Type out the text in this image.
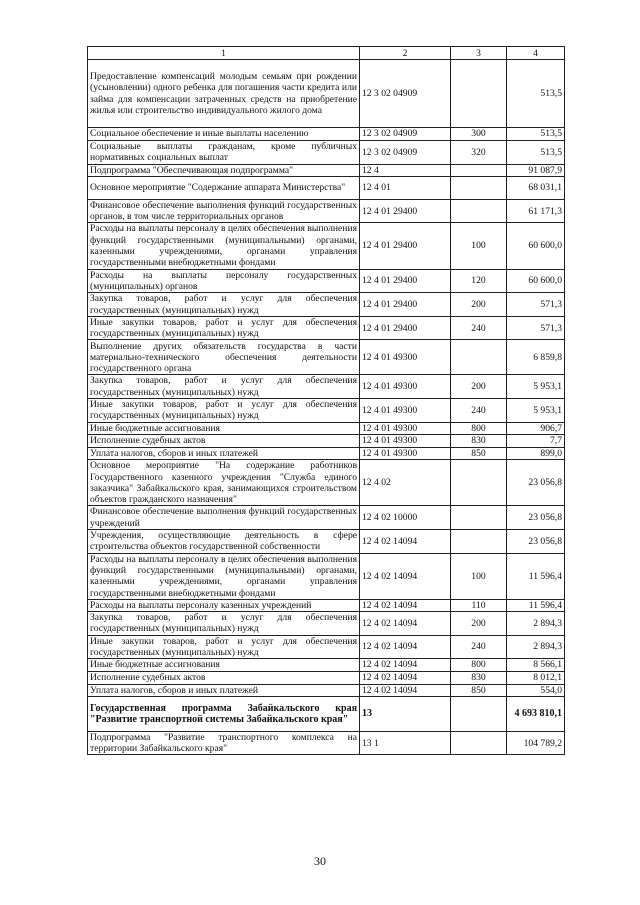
1	2	3	4
Предоставление компенсаций молодым семьям при рождении (усыновлении) одного ребенка для погашения части кредита или займа для компенсации затраченных средств на приобретение жилья или строительство индивидуального жилого дома	12 3 02 04909		513,5
Социальное обеспечение и иные выплаты населению	12 3 02 04909	300	513,5
Социальные выплаты гражданам, кроме публичных нормативных социальных выплат	12 3 02 04909	320	513,5
Подпрограмма "Обеспечивающая подпрограмма"	12 4		91 087,9
Основное мероприятие "Содержание аппарата Министерства"	12 4 01		68 031,1
Финансовое обеспечение выполнения функций государственных органов, в том числе территориальных органов	12 4 01 29400		61 171,3
Расходы на выплаты персоналу в целях обеспечения выполнения функций государственными (муниципальными) органами, казенными учреждениями, органами управления государственными внебюджетными фондами	12 4 01 29400	100	60 600,0
Расходы на выплаты персоналу государственных (муниципальных) органов	12 4 01 29400	120	60 600,0
Закупка товаров, работ и услуг для обеспечения государственных (муниципальных) нужд	12 4 01 29400	200	571,3
Иные закупки товаров, работ и услуг для обеспечения государственных (муниципальных) нужд	12 4 01 29400	240	571,3
Выполнение других обязательств государства в части материально-технического обеспечения деятельности государственного органа	12 4 01 49300		6 859,8
Закупка товаров, работ и услуг для обеспечения государственных (муниципальных) нужд	12 4 01 49300	200	5 953,1
Иные закупки товаров, работ и услуг для обеспечения государственных (муниципальных) нужд	12 4 01 49300	240	5 953,1
Иные бюджетные ассигнования	12 4 01 49300	800	906,7
Исполнение судебных актов	12 4 01 49300	830	7,7
Уплата налогов, сборов и иных платежей	12 4 01 49300	850	899,0
Основное мероприятие "На содержание работников Государственного казенного учреждения "Служба единого заказчика" Забайкальского края, занимающихся строительством объектов гражданского назначения"	12 4 02		23 056,8
Финансовое обеспечение выполнения функций государственных учреждений	12 4 02 10000		23 056,8
Учреждения, осуществляющие деятельность в сфере строительства объектов государственной собственности	12 4 02 14094		23 056,8
Расходы на выплаты персоналу в целях обеспечения выполнения функций государственными (муниципальными) органами, казенными учреждениями, органами управления государственными внебюджетными фондами	12 4 02 14094	100	11 596,4
Расходы на выплаты персоналу казенных учреждений	12 4 02 14094	110	11 596,4
Закупка товаров, работ и услуг для обеспечения государственных (муниципальных) нужд	12 4 02 14094	200	2 894,3
Иные закупки товаров, работ и услуг для обеспечения государственных (муниципальных) нужд	12 4 02 14094	240	2 894,3
Иные бюджетные ассигнования	12 4 02 14094	800	8 566,1
Исполнение судебных актов	12 4 02 14094	830	8 012,1
Уплата налогов, сборов и иных платежей	12 4 02 14094	850	554,0
Государственная программа Забайкальского края "Развитие транспортной системы Забайкальского края"	13		4 693 810,1
Подпрограмма "Развитие транспортного комплекса на территории Забайкальского края"	13 1		104 789,2
30
